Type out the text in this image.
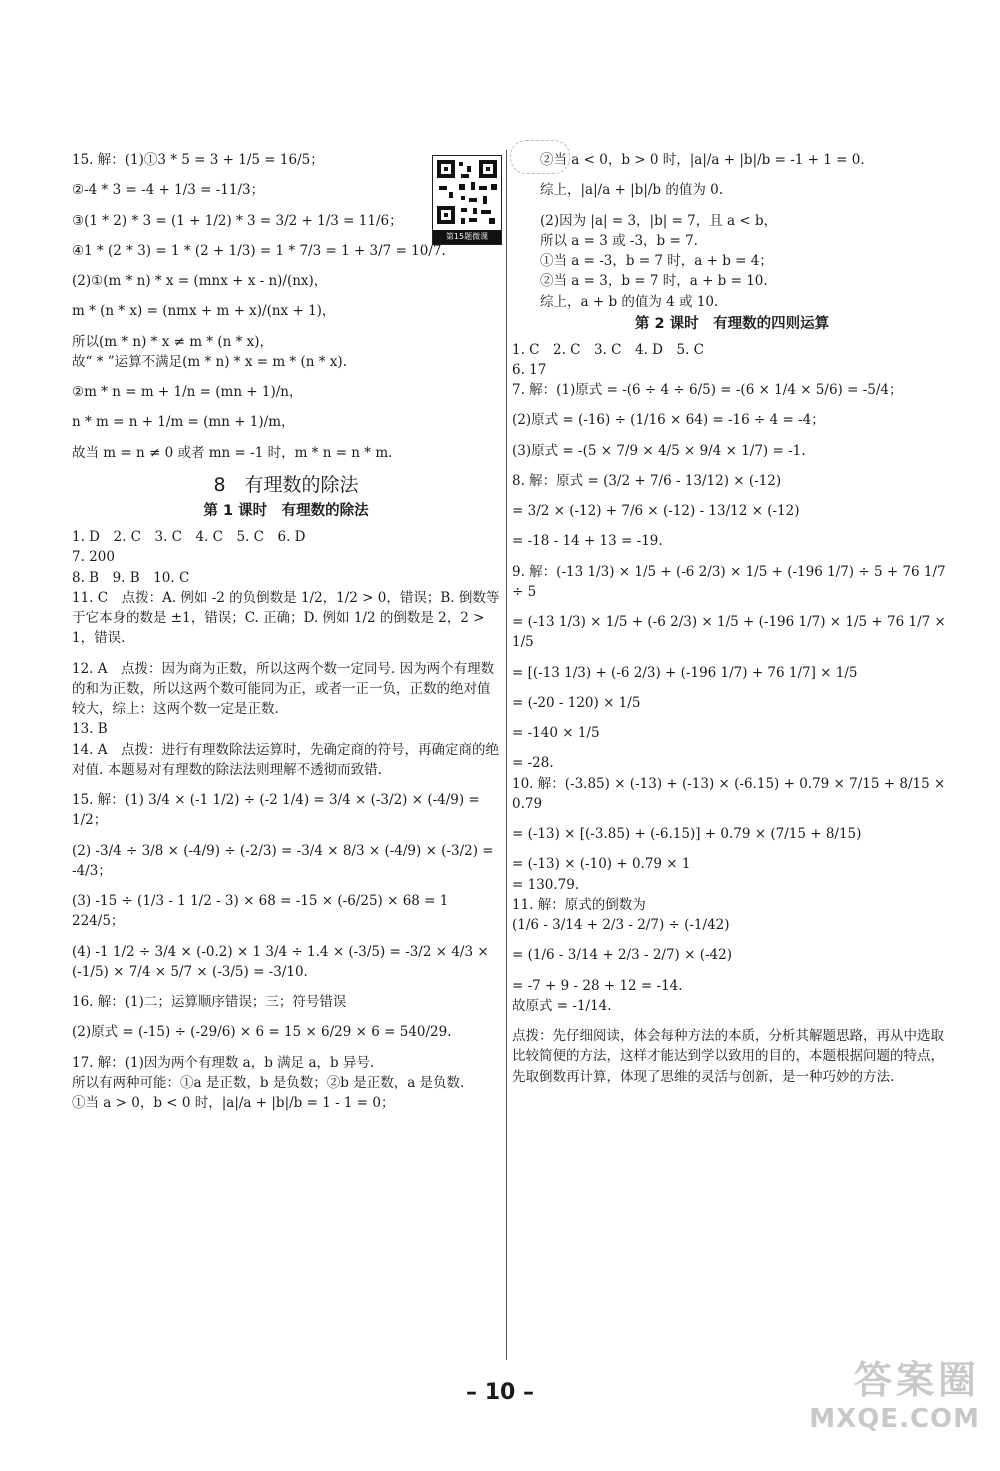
第15题微课

15. 解：(1)①3 * 5 = 3 + 1/5 = 16/5；

②-4 * 3 = -4 + 1/3 = -11/3；

③(1 * 2) * 3 = (1 + 1/2) * 3 = 3/2 + 1/3 = 11/6；

④1 * (2 * 3) = 1 * (2 + 1/3) = 1 * 7/3 = 1 + 3/7 = 10/7.

(2)①(m * n) * x = (mnx + x - n)/(nx)，

m * (n * x) = (nmx + m + x)/(nx + 1)，

所以(m * n) * x ≠ m * (n * x)，

故“ * ”运算不满足(m * n) * x = m * (n * x).

②m * n = m + 1/n = (mn + 1)/n，

n * m = n + 1/m = (mn + 1)/m，

故当 m = n ≠ 0 或者 mn = -1 时，m * n = n * m.

8　有理数的除法
第 1 课时　有理数的除法

1. D　2. C　3. C　4. C　5. C　6. D

7. 200

8. B　9. B　10. C

11. C　点拨：A. 例如 -2 的负倒数是 1/2，1/2 > 0，错误；B. 倒数等于它本身的数是 ±1，错误；C. 正确；D. 例如 1/2 的倒数是 2，2 > 1，错误.

12. A　点拨：因为商为正数，所以这两个数一定同号. 因为两个有理数的和为正数，所以这两个数可能同为正，或者一正一负，正数的绝对值较大，综上：这两个数一定是正数.

13. B

14. A　点拨：进行有理数除法运算时，先确定商的符号，再确定商的绝对值. 本题易对有理数的除法法则理解不透彻而致错.

15. 解：(1) 3/4 × (-1 1/2) ÷ (-2 1/4) = 3/4 × (-3/2) × (-4/9) = 1/2；

(2) -3/4 ÷ 3/8 × (-4/9) ÷ (-2/3) = -3/4 × 8/3 × (-4/9) × (-3/2) = -4/3；

(3) -15 ÷ (1/3 - 1 1/2 - 3) × 68 = -15 × (-6/25) × 68 = 1 224/5；

(4) -1 1/2 ÷ 3/4 × (-0.2) × 1 3/4 ÷ 1.4 × (-3/5) = -3/2 × 4/3 × (-1/5) × 7/4 × 5/7 × (-3/5) = -3/10.

16. 解：(1)二；运算顺序错误；三；符号错误

(2)原式 = (-15) ÷ (-29/6) × 6 = 15 × 6/29 × 6 = 540/29.

17. 解：(1)因为两个有理数 a，b 满足 a，b 异号.

所以有两种可能：①a 是正数，b 是负数；②b 是正数，a 是负数.

①当 a > 0，b < 0 时，|a|/a + |b|/b = 1 - 1 = 0；

②当 a < 0，b > 0 时，|a|/a + |b|/b = -1 + 1 = 0.

综上，|a|/a + |b|/b 的值为 0.

(2)因为 |a| = 3，|b| = 7，且 a < b，

所以 a = 3 或 -3，b = 7.

①当 a = -3，b = 7 时，a + b = 4；

②当 a = 3，b = 7 时，a + b = 10.

综上，a + b 的值为 4 或 10.

第 2 课时　有理数的四则运算

1. C　2. C　3. C　4. D　5. C

6. 17

7. 解：(1)原式 = -(6 ÷ 4 ÷ 6/5) = -(6 × 1/4 × 5/6) = -5/4；

(2)原式 = (-16) ÷ (1/16 × 64) = -16 ÷ 4 = -4；

(3)原式 = -(5 × 7/9 × 4/5 × 9/4 × 1/7) = -1.

8. 解：原式 = (3/2 + 7/6 - 13/12) × (-12)

= 3/2 × (-12) + 7/6 × (-12) - 13/12 × (-12)

= -18 - 14 + 13 = -19.

9. 解：(-13 1/3) × 1/5 + (-6 2/3) × 1/5 + (-196 1/7) ÷ 5 + 76 1/7 ÷ 5

= (-13 1/3) × 1/5 + (-6 2/3) × 1/5 + (-196 1/7) × 1/5 + 76 1/7 × 1/5

= [(-13 1/3) + (-6 2/3) + (-196 1/7) + 76 1/7] × 1/5

= (-20 - 120) × 1/5

= -140 × 1/5

= -28.

10. 解：(-3.85) × (-13) + (-13) × (-6.15) + 0.79 × 7/15 + 8/15 × 0.79

= (-13) × [(-3.85) + (-6.15)] + 0.79 × (7/15 + 8/15)

= (-13) × (-10) + 0.79 × 1

= 130.79.

11. 解：原式的倒数为

(1/6 - 3/14 + 2/3 - 2/7) ÷ (-1/42)

= (1/6 - 3/14 + 2/3 - 2/7) × (-42)

= -7 + 9 - 28 + 12 = -14.

故原式 = -1/14.

点拨：先仔细阅读，体会每种方法的本质，分析其解题思路，再从中选取比较简便的方法，这样才能达到学以致用的目的，本题根据问题的特点，先取倒数再计算，体现了思维的灵活与创新，是一种巧妙的方法.

– 10 –	答案圈
MXQE.COM
